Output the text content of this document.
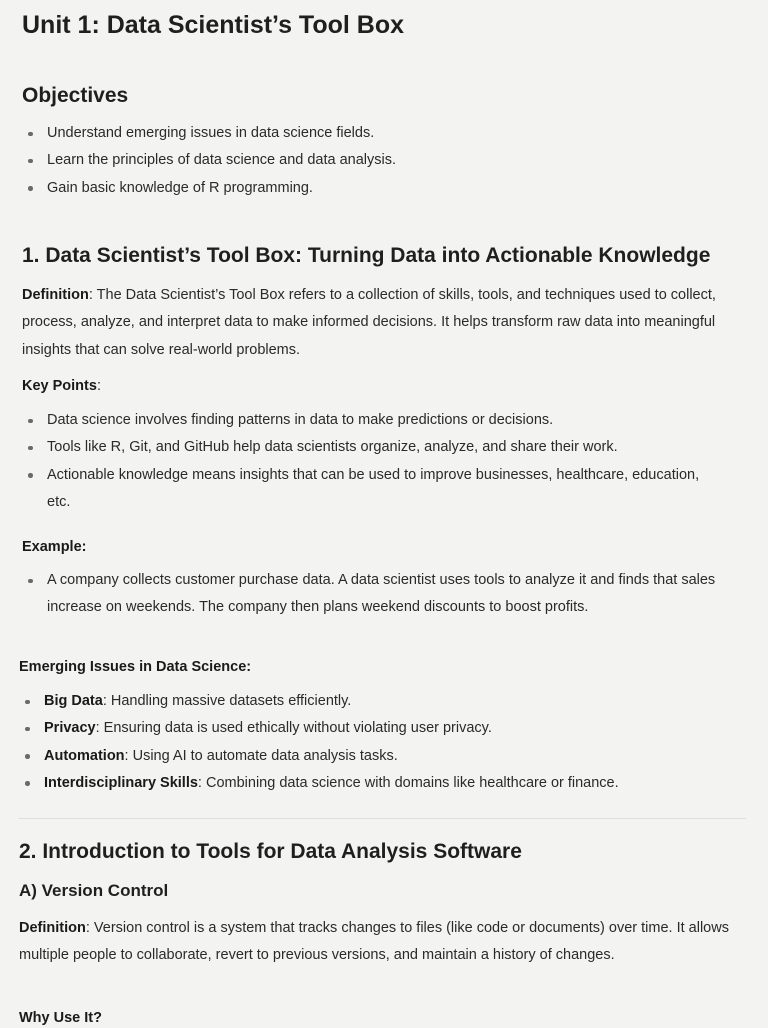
Unit 1: Data Scientist’s Tool Box
Objectives
Understand emerging issues in data science fields.
Learn the principles of data science and data analysis.
Gain basic knowledge of R programming.
1. Data Scientist’s Tool Box: Turning Data into Actionable Knowledge

Definition: The Data Scientist’s Tool Box refers to a collection of skills, tools, and techniques used to collect, process, analyze, and interpret data to make informed decisions. It helps transform raw data into meaningful insights that can solve real-world problems.

Key Points:
Data science involves finding patterns in data to make predictions or decisions.
Tools like R, Git, and GitHub help data scientists organize, analyze, and share their work.
Actionable knowledge means insights that can be used to improve businesses, healthcare, education, etc.
Example:
A company collects customer purchase data. A data scientist uses tools to analyze it and finds that sales increase on weekends. The company then plans weekend discounts to boost profits.
Emerging Issues in Data Science:
Big Data: Handling massive datasets efficiently.
Privacy: Ensuring data is used ethically without violating user privacy.
Automation: Using AI to automate data analysis tasks.
Interdisciplinary Skills: Combining data science with domains like healthcare or finance.
2. Introduction to Tools for Data Analysis Software
A) Version Control

Definition: Version control is a system that tracks changes to files (like code or documents) over time. It allows multiple people to collaborate, revert to previous versions, and maintain a history of changes.

Why Use It?
